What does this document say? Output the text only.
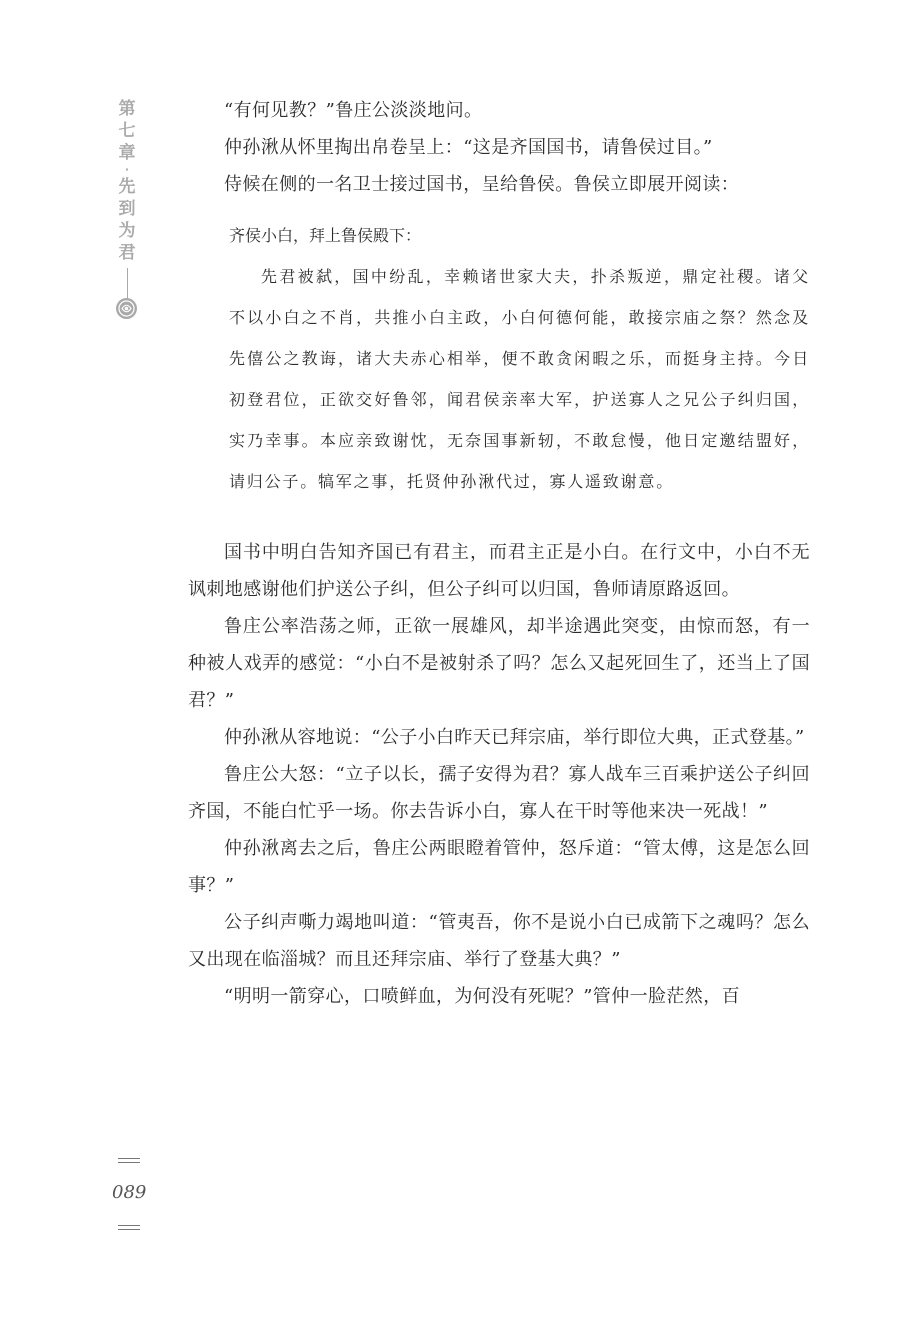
第
七
章
·
先
到
为
君
089

“有何见教？”鲁庄公淡淡地问。

仲孙湫从怀里掏出帛卷呈上：“这是齐国国书，请鲁侯过目。”

侍候在侧的一名卫士接过国书，呈给鲁侯。鲁侯立即展开阅读：

齐侯小白，拜上鲁侯殿下：

先君被弑，国中纷乱，幸赖诸世家大夫，扑杀叛逆，鼎定社稷。诸父不以小白之不肖，共推小白主政，小白何德何能，敢接宗庙之祭？然念及先僖公之教诲，诸大夫赤心相举，便不敢贪闲暇之乐，而挺身主持。今日初登君位，正欲交好鲁邻，闻君侯亲率大军，护送寡人之兄公子纠归国，实乃幸事。本应亲致谢忱，无奈国事新轫，不敢怠慢，他日定邀结盟好，请归公子。犒军之事，托贤仲孙湫代过，寡人遥致谢意。

国书中明白告知齐国已有君主，而君主正是小白。在行文中，小白不无讽刺地感谢他们护送公子纠，但公子纠可以归国，鲁师请原路返回。

鲁庄公率浩荡之师，正欲一展雄风，却半途遇此突变，由惊而怒，有一种被人戏弄的感觉：“小白不是被射杀了吗？怎么又起死回生了，还当上了国君？”

仲孙湫从容地说：“公子小白昨天已拜宗庙，举行即位大典，正式登基。”

鲁庄公大怒：“立子以长，孺子安得为君？寡人战车三百乘护送公子纠回齐国，不能白忙乎一场。你去告诉小白，寡人在干时等他来决一死战！”

仲孙湫离去之后，鲁庄公两眼瞪着管仲，怒斥道：“管太傅，这是怎么回事？”

公子纠声嘶力竭地叫道：“管夷吾，你不是说小白已成箭下之魂吗？怎么又出现在临淄城？而且还拜宗庙、举行了登基大典？”

“明明一箭穿心，口喷鲜血，为何没有死呢？”管仲一脸茫然，百
